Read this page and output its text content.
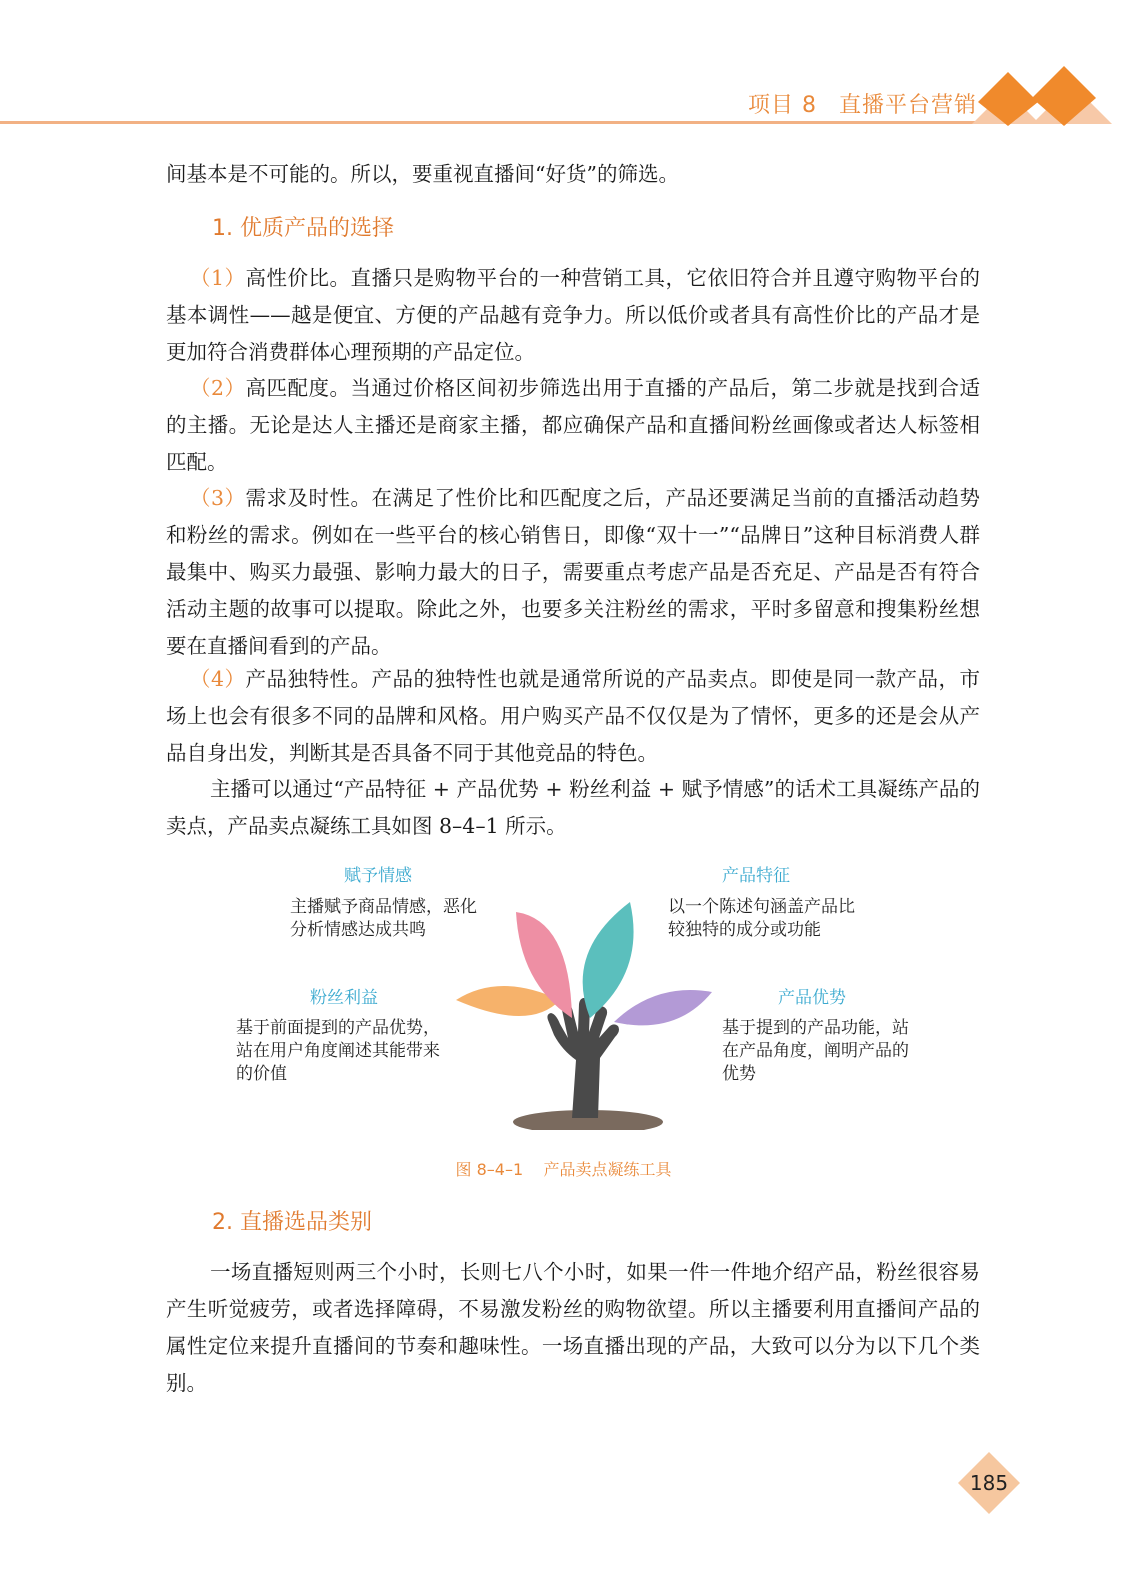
项目 8 直播平台营销

间基本是不可能的。所以，要重视直播间“好货”的筛选。

1. 优质产品的选择

（1）高性价比。直播只是购物平台的一种营销工具，它依旧符合并且遵守购物平台的基本调性——越是便宜、方便的产品越有竞争力。所以低价或者具有高性价比的产品才是更加符合消费群体心理预期的产品定位。

（2）高匹配度。当通过价格区间初步筛选出用于直播的产品后，第二步就是找到合适的主播。无论是达人主播还是商家主播，都应确保产品和直播间粉丝画像或者达人标签相匹配。

（3）需求及时性。在满足了性价比和匹配度之后，产品还要满足当前的直播活动趋势和粉丝的需求。例如在一些平台的核心销售日，即像“双十一”“品牌日”这种目标消费人群最集中、购买力最强、影响力最大的日子，需要重点考虑产品是否充足、产品是否有符合活动主题的故事可以提取。除此之外，也要多关注粉丝的需求，平时多留意和搜集粉丝想要在直播间看到的产品。

（4）产品独特性。产品的独特性也就是通常所说的产品卖点。即使是同一款产品，市场上也会有很多不同的品牌和风格。用户购买产品不仅仅是为了情怀，更多的还是会从产品自身出发，判断其是否具备不同于其他竞品的特色。

主播可以通过“产品特征 + 产品优势 + 粉丝利益 + 赋予情感”的话术工具凝练产品的卖点，产品卖点凝练工具如图 8–4–1 所示。

赋予情感

主播赋予商品情感，恶化分析情感达成共鸣

产品特征

以一个陈述句涵盖产品比较独特的成分或功能

粉丝利益

基于前面提到的产品优势，站在用户角度阐述其能带来的价值

产品优势

基于提到的产品功能，站在产品角度，阐明产品的优势

图 8–4–1    产品卖点凝练工具
2. 直播选品类别

一场直播短则两三个小时，长则七八个小时，如果一件一件地介绍产品，粉丝很容易产生听觉疲劳，或者选择障碍，不易激发粉丝的购物欲望。所以主播要利用直播间产品的属性定位来提升直播间的节奏和趣味性。一场直播出现的产品，大致可以分为以下几个类别。

185
